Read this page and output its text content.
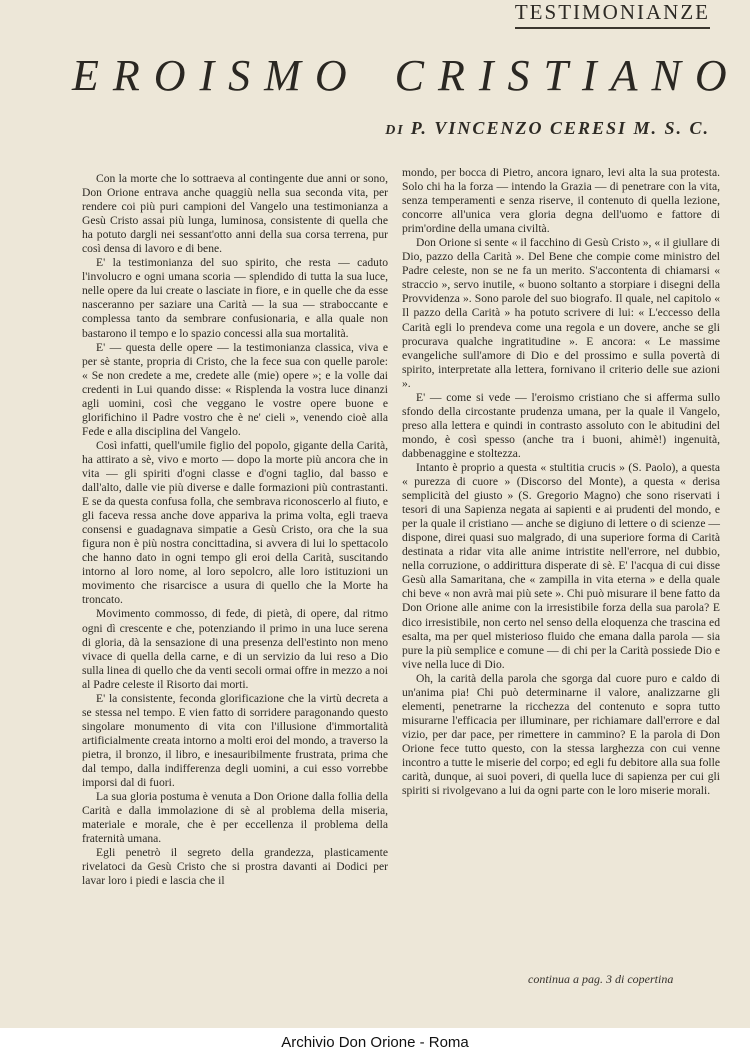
TESTIMONIANZE
EROISMO CRISTIANO
DI P. VINCENZO CERESI M. S. C.

Con la morte che lo sottraeva al contingente due anni or sono, Don Orione entrava anche quaggiù nella sua seconda vita, per rendere coi più puri campioni del Vangelo una testimonianza a Gesù Cristo assai più lunga, luminosa, consistente di quella che ha potuto dargli nei sessant'otto anni della sua corsa terrena, pur così densa di lavoro e di bene.

E' la testimonianza del suo spirito, che resta — caduto l'involucro e ogni umana scoria — splendido di tutta la sua luce, nelle opere da lui create o lasciate in fiore, e in quelle che da esse nasceranno per saziare una Carità — la sua — straboccante e complessa tanto da sembrare confusionaria, e alla quale non bastarono il tempo e lo spazio concessi alla sua mortalità.

E' — questa delle opere — la testimonianza classica, viva e per sè stante, propria di Cristo, che la fece sua con quelle parole: « Se non credete a me, credete alle (mie) opere »; e la volle dai credenti in Lui quando disse: « Risplenda la vostra luce dinanzi agli uomini, così che veggano le vostre opere buone e glorifichino il Padre vostro che è ne' cieli », venendo cioè alla Fede e alla disciplina del Vangelo.

Così infatti, quell'umile figlio del popolo, gigante della Carità, ha attirato a sè, vivo e morto — dopo la morte più ancora che in vita — gli spiriti d'ogni classe e d'ogni taglio, dal basso e dall'alto, dalle vie più diverse e dalle formazioni più contrastanti. E se da questa confusa folla, che sembrava riconoscerlo al fiuto, e gli faceva ressa anche dove appariva la prima volta, egli traeva consensi e guadagnava simpatie a Gesù Cristo, ora che la sua figura non è più nostra concittadina, si avvera di lui lo spettacolo che hanno dato in ogni tempo gli eroi della Carità, suscitando intorno al loro nome, al loro sepolcro, alle loro istituzioni un movimento che risarcisce a usura di quello che la Morte ha troncato.

Movimento commosso, di fede, di pietà, di opere, dal ritmo ogni dì crescente e che, potenziando il primo in una luce serena di gloria, dà la sensazione di una presenza dell'estinto non meno vivace di quella della carne, e di un servizio da lui reso a Dio sulla linea di quello che da venti secoli ormai offre in mezzo a noi al Padre celeste il Risorto dai morti.

E' la consistente, feconda glorificazione che la virtù decreta a se stessa nel tempo. E vien fatto di sorridere paragonando questo singolare monumento di vita con l'illusione d'immortalità artificialmente creata intorno a molti eroi del mondo, a traverso la pietra, il bronzo, il libro, e inesauribilmente frustrata, prima che dal tempo, dalla indifferenza degli uomini, a cui esso vorrebbe imporsi dal di fuori.

La sua gloria postuma è venuta a Don Orione dalla follia della Carità e dalla immolazione di sè al problema della miseria, materiale e morale, che è per eccellenza il problema della fraternità umana.

Egli penetrò il segreto della grandezza, plasticamente rivelatoci da Gesù Cristo che si prostra davanti ai Dodici per lavar loro i piedi e lascia che il

mondo, per bocca di Pietro, ancora ignaro, levi alta la sua protesta. Solo chi ha la forza — intendo la Grazia — di penetrare con la vita, senza temperamenti e senza riserve, il contenuto di quella lezione, concorre all'unica vera gloria degna dell'uomo e fattore di prim'ordine della umana civiltà.

Don Orione si sente « il facchino di Gesù Cristo », « il giullare di Dio, pazzo della Carità ». Del Bene che compie come ministro del Padre celeste, non se ne fa un merito. S'accontenta di chiamarsi « straccio », servo inutile, « buono soltanto a storpiare i disegni della Provvidenza ». Sono parole del suo biografo. Il quale, nel capitolo « Il pazzo della Carità » ha potuto scrivere di lui: « L'eccesso della Carità egli lo prendeva come una regola e un dovere, anche se gli procurava qualche ingratitudine ». E ancora: « Le massime evangeliche sull'amore di Dio e del prossimo e sulla povertà di spirito, interpretate alla lettera, fornivano il criterio delle sue azioni ».

E' — come si vede — l'eroismo cristiano che si afferma sullo sfondo della circostante prudenza umana, per la quale il Vangelo, preso alla lettera e quindi in contrasto assoluto con le abitudini del mondo, è così spesso (anche tra i buoni, ahimè!) ingenuità, dabbenaggine e stoltezza.

Intanto è proprio a questa « stultitia crucis » (S. Paolo), a questa « purezza di cuore » (Discorso del Monte), a questa « derisa semplicità del giusto » (S. Gregorio Magno) che sono riservati i tesori di una Sapienza negata ai sapienti e ai prudenti del mondo, e per la quale il cristiano — anche se digiuno di lettere o di scienze — dispone, direi quasi suo malgrado, di una superiore forma di Carità destinata a ridar vita alle anime intristite nell'errore, nel dubbio, nella corruzione, o addirittura disperate di sè. E' l'acqua di cui disse Gesù alla Samaritana, che « zampilla in vita eterna » e della quale chi beve « non avrà mai più sete ». Chi può misurare il bene fatto da Don Orione alle anime con la irresistibile forza della sua parola? E dico irresistibile, non certo nel senso della eloquenza che trascina ed esalta, ma per quel misterioso fluido che emana dalla parola — sia pure la più semplice e comune — di chi per la Carità possiede Dio e vive nella luce di Dio.

Oh, la carità della parola che sgorga dal cuore puro e caldo di un'anima pia! Chi può determinarne il valore, analizzarne gli elementi, penetrarne la ricchezza del contenuto e sopra tutto misurarne l'efficacia per illuminare, per richiamare dall'errore e dal vizio, per dar pace, per rimettere in cammino? E la parola di Don Orione fece tutto questo, con la stessa larghezza con cui venne incontro a tutte le miserie del corpo; ed egli fu debitore alla sua folle carità, dunque, ai suoi poveri, di quella luce di sapienza per cui gli spiriti si rivolgevano a lui da ogni parte con le loro miserie morali.

continua a pag. 3 di copertina
Archivio Don Orione - Roma
